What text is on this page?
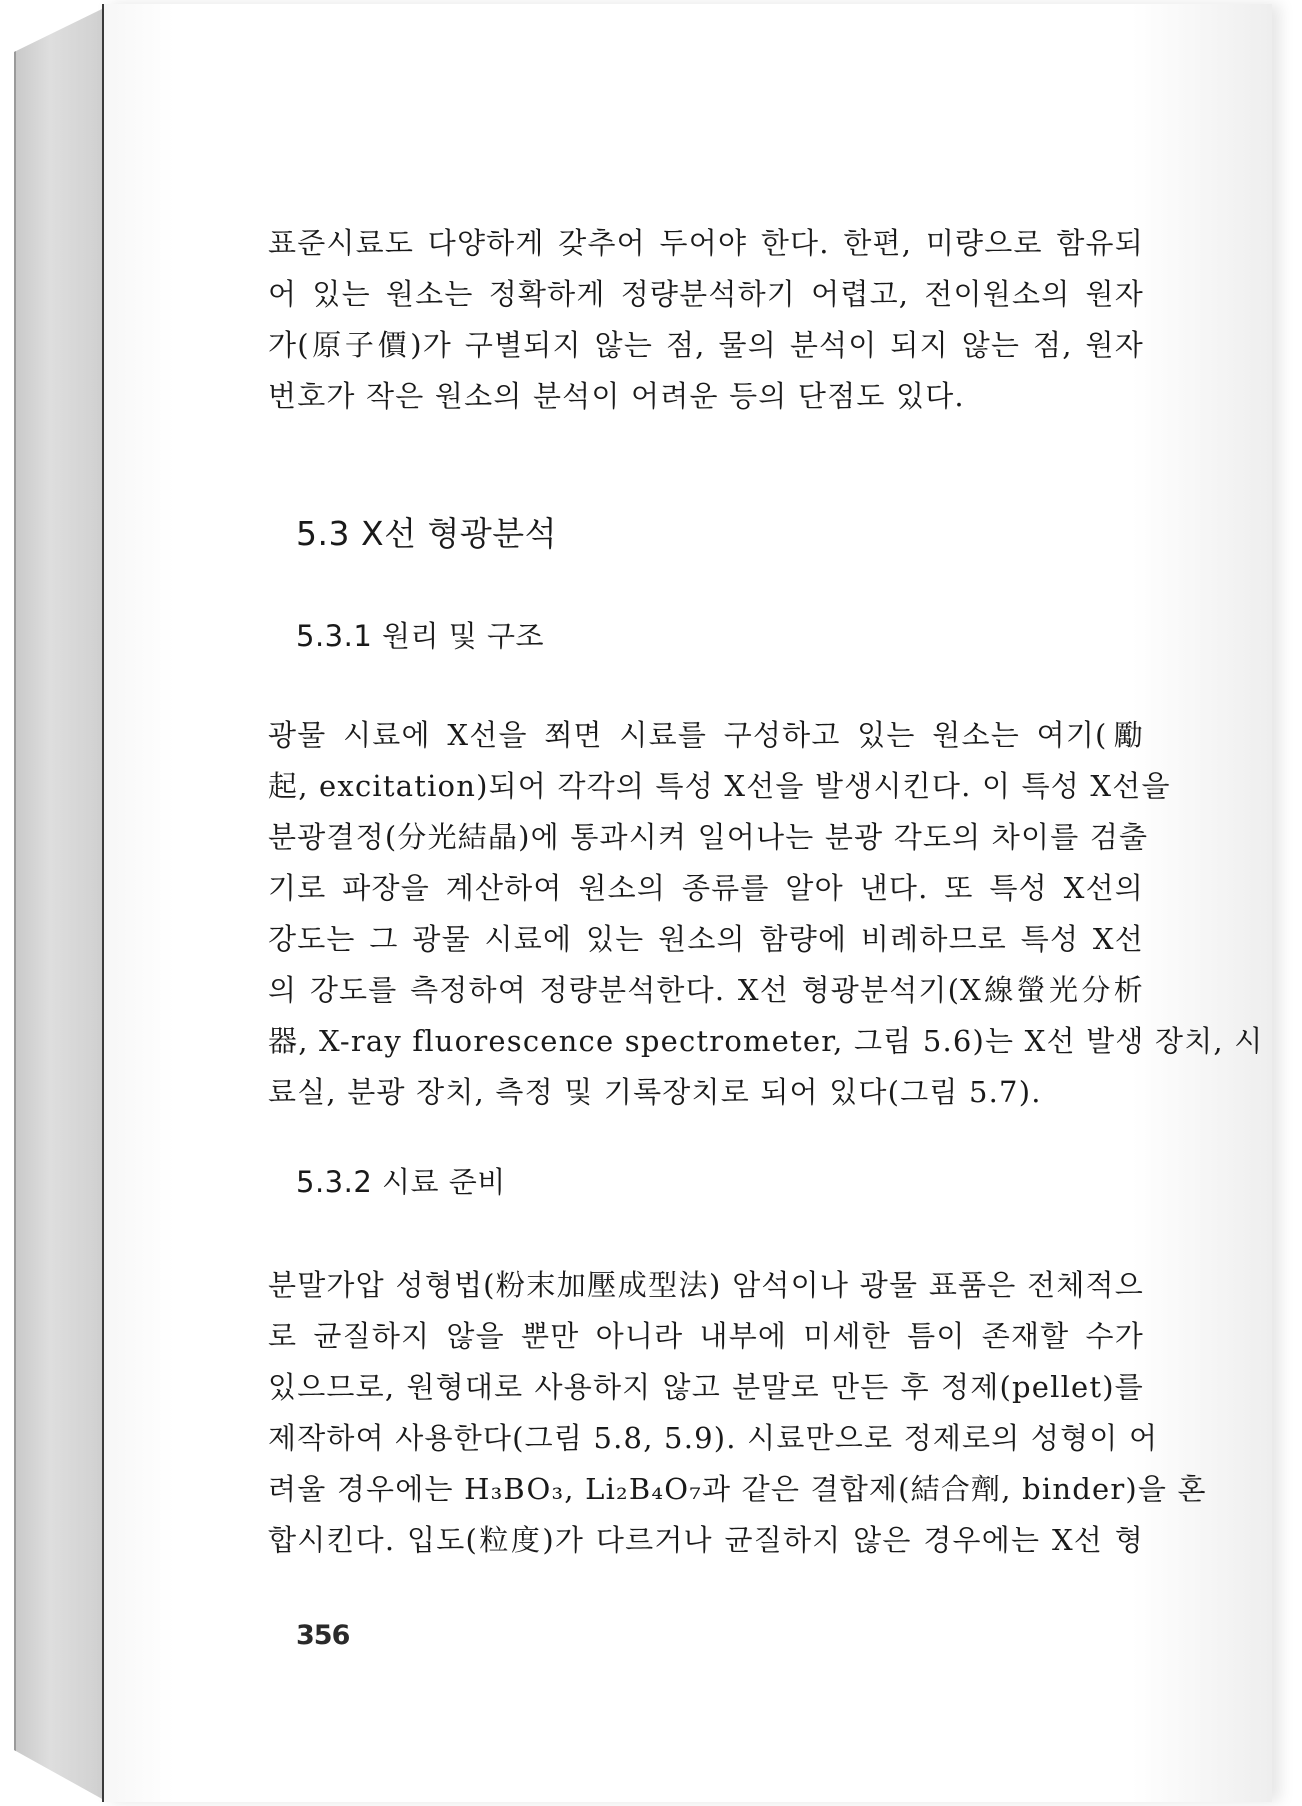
표준시료도 다양하게 갖추어 두어야 한다. 한편, 미량으로 함유되

어 있는 원소는 정확하게 정량분석하기 어렵고, 전이원소의 원자

가(原子價)가 구별되지 않는 점, 물의 분석이 되지 않는 점, 원자

번호가 작은 원소의 분석이 어려운 등의 단점도 있다.

5.3 X선 형광분석
5.3.1 원리 및 구조

광물 시료에 X선을 쬐면 시료를 구성하고 있는 원소는 여기(勵

起, excitation)되어 각각의 특성 X선을 발생시킨다. 이 특성 X선을

분광결정(分光結晶)에 통과시켜 일어나는 분광 각도의 차이를 검출

기로 파장을 계산하여 원소의 종류를 알아 낸다. 또 특성 X선의

강도는 그 광물 시료에 있는 원소의 함량에 비례하므로 특성 X선

의 강도를 측정하여 정량분석한다. X선 형광분석기(X線螢光分析

器, X-ray fluorescence spectrometer, 그림 5.6)는 X선 발생 장치, 시

료실, 분광 장치, 측정 및 기록장치로 되어 있다(그림 5.7).

5.3.2 시료 준비

분말가압 성형법(粉末加壓成型法) 암석이나 광물 표품은 전체적으

로 균질하지 않을 뿐만 아니라 내부에 미세한 틈이 존재할 수가

있으므로, 원형대로 사용하지 않고 분말로 만든 후 정제(pellet)를

제작하여 사용한다(그림 5.8, 5.9). 시료만으로 정제로의 성형이 어

려울 경우에는 H₃BO₃, Li₂B₄O₇과 같은 결합제(結合劑, binder)을 혼

합시킨다. 입도(粒度)가 다르거나 균질하지 않은 경우에는 X선 형

356
